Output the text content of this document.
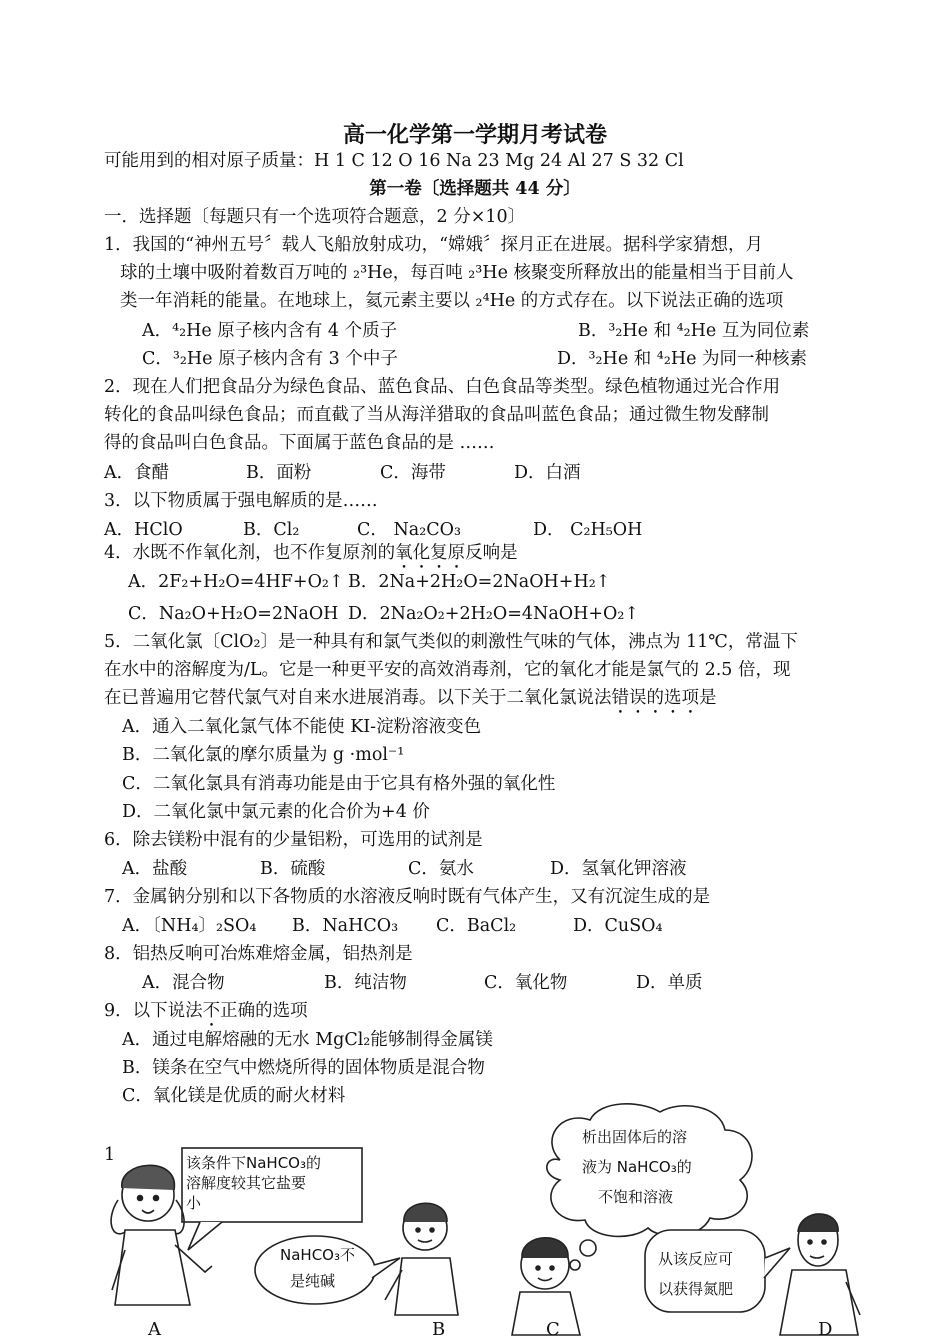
高一化学第一学期月考试卷
可能用到的相对原子质量：H 1 C 12 O 16 Na 23 Mg 24 Al 27 S 32 Cl
第一卷〔选择题共 44 分〕
一．选择题〔每题只有一个选项符合题意，2 分×10〕
1．我国的“神州五号〞载人飞船放射成功，“嫦娥〞探月正在进展。据科学家猜想，月
球的土壤中吸附着数百万吨的 ₂³He，每百吨 ₂³He 核聚变所释放出的能量相当于目前人
类一年消耗的能量。在地球上，氦元素主要以 ₂⁴He 的方式存在。以下说法正确的选项
A．⁴₂He 原子核内含有 4 个质子	B．³₂He 和 ⁴₂He 互为同位素
C．³₂He 原子核内含有 3 个中子	D．³₂He 和 ⁴₂He 为同一种核素
2．现在人们把食品分为绿色食品、蓝色食品、白色食品等类型。绿色植物通过光合作用
转化的食品叫绿色食品；而直截了当从海洋猎取的食品叫蓝色食品；通过微生物发酵制
得的食品叫白色食品。下面属于蓝色食品的是 ……
A．食醋	B．面粉	C．海带	D．白酒
3．以下物质属于强电解质的是……
A．HClO	B．Cl₂	C． Na₂CO₃	D． C₂H₅OH
4．水既不作氧化剂，也不作复原剂的氧化复原反响是
A．2F₂+H₂O=4HF+O₂↑ B．2Na+2H₂O=2NaOH+H₂↑
C．Na₂O+H₂O=2NaOH D．2Na₂O₂+2H₂O=4NaOH+O₂↑
5．二氧化氯〔ClO₂〕是一种具有和氯气类似的刺激性气味的气体，沸点为 11℃，常温下
在水中的溶解度为/L。它是一种更平安的高效消毒剂，它的氧化才能是氯气的 2.5 倍，现
在已普遍用它替代氯气对自来水进展消毒。以下关于二氧化氯说法错误的选项是
A．通入二氧化氯气体不能使 KI-淀粉溶液变色
B．二氧化氯的摩尔质量为 g ·mol⁻¹
C．二氧化氯具有消毒功能是由于它具有格外强的氧化性
D．二氧化氯中氯元素的化合价为+4 价
6．除去镁粉中混有的少量铝粉，可选用的试剂是
A．盐酸	B．硫酸	C．氨水	D．氢氧化钾溶液
7．金属钠分别和以下各物质的水溶液反响时既有气体产生，又有沉淀生成的是
A．〔NH₄〕₂SO₄ B．NaHCO₃ C．BaCl₂	D．CuSO₄
8．铝热反响可冶炼难熔金属，铝热剂是
A．混合物	B．纯洁物	C．氧化物	D．单质
9．以下说法不正确的选项
A．通过电解熔融的无水 MgCl₂能够制得金属镁
B．镁条在空气中燃烧所得的固体物质是混合物
C．氧化镁是优质的耐火材料
1	该条件下NaHCO₃的
溶解度较其它盐要
小
NaHCO₃不
是纯碱
析出固体后的溶
液为 NaHCO₃的
不饱和溶液
从该反应可
以获得氮肥
A	B	C	D
